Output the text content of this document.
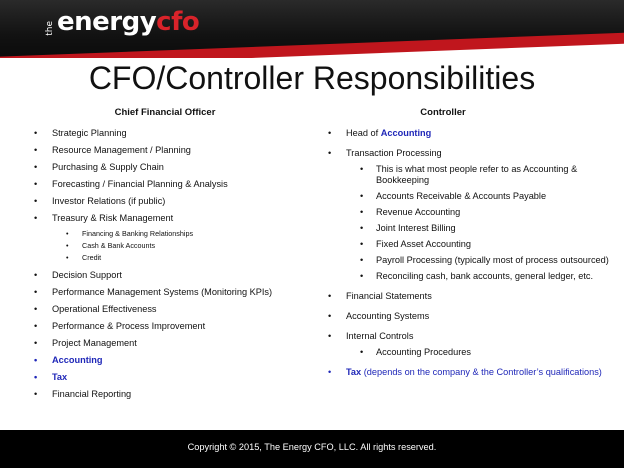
the energy cfo
CFO/Controller Responsibilities
Chief Financial Officer
• Strategic Planning
• Resource Management / Planning
• Purchasing & Supply Chain
• Forecasting / Financial Planning & Analysis
• Investor Relations (if public)
• Treasury & Risk Management
• Financing & Banking Relationships
• Cash & Bank Accounts
• Credit
• Decision Support
• Performance Management Systems (Monitoring KPIs)
• Operational Effectiveness
• Performance & Process Improvement
• Project Management
• Accounting
• Tax
• Financial Reporting
Controller
• Head of Accounting
• Transaction Processing
• This is what most people refer to as Accounting & Bookkeeping
• Accounts Receivable & Accounts Payable
• Revenue Accounting
• Joint Interest Billing
• Fixed Asset Accounting
• Payroll Processing (typically most of process outsourced)
• Reconciling cash, bank accounts, general ledger, etc.
• Financial Statements
• Accounting Systems
• Internal Controls
• Accounting Procedures
• Tax (depends on the company & the Controller’s qualifications)
Copyright © 2015, The Energy CFO, LLC. All rights reserved.
